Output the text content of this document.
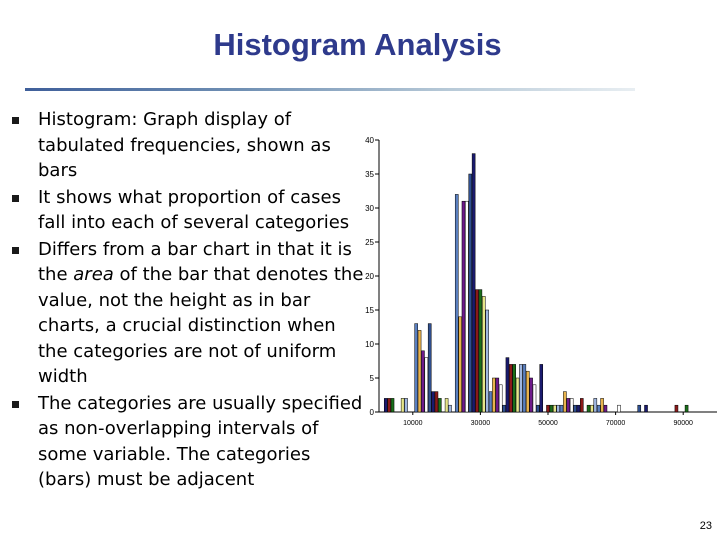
Histogram Analysis
Histogram: Graph display of tabulated frequencies, shown as bars
It shows what proportion of cases fall into each of several categories
Differs from a bar chart in that it is the area of the bar that denotes the value, not the height as in bar charts, a crucial distinction when the categories are not of uniform width
The categories are usually specified as non-overlapping intervals of some variable. The categories (bars) must be adjacent
0
5
10
15
20
25
30
35
40
10000	30000	50000	70000	90000
23
